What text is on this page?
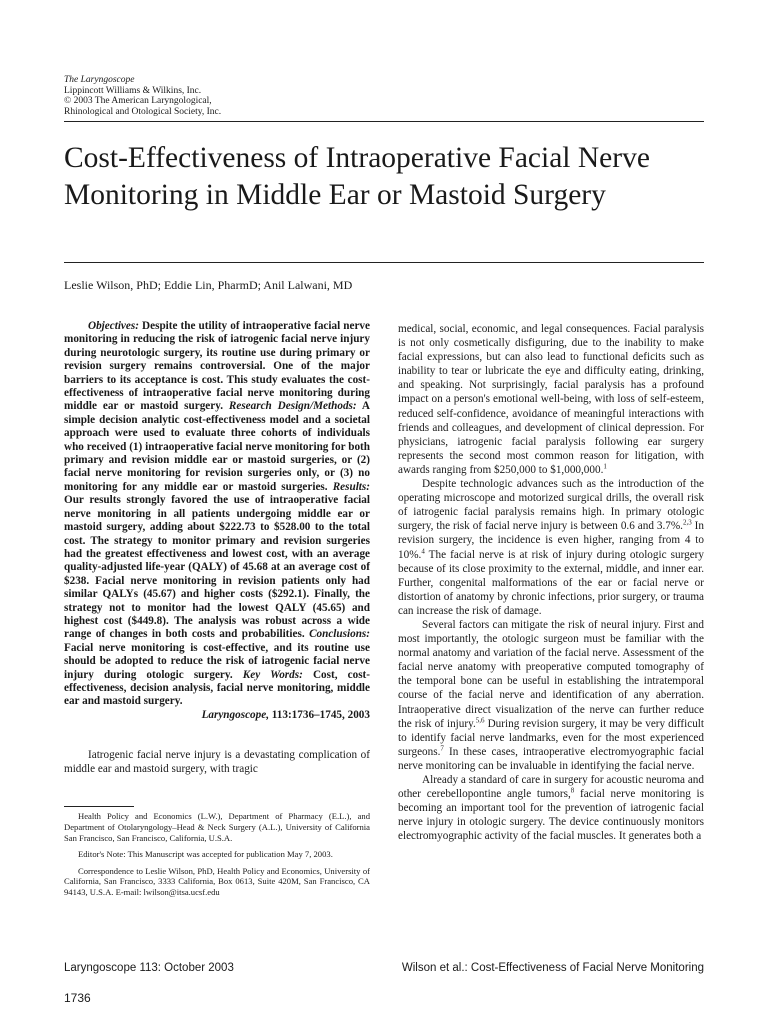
The Laryngoscope
Lippincott Williams & Wilkins, Inc.
© 2003 The American Laryngological,
Rhinological and Otological Society, Inc.
Cost-Effectiveness of Intraoperative Facial Nerve Monitoring in Middle Ear or Mastoid Surgery
Leslie Wilson, PhD; Eddie Lin, PharmD; Anil Lalwani, MD

Objectives: Despite the utility of intraoperative facial nerve monitoring in reducing the risk of iatrogenic facial nerve injury during neurotologic surgery, its routine use during primary or revision surgery remains controversial. One of the major barriers to its acceptance is cost. This study evaluates the cost-effectiveness of intraoperative facial nerve monitoring during middle ear or mastoid surgery. Research Design/Methods: A simple decision analytic cost-effectiveness model and a societal approach were used to evaluate three cohorts of individuals who received (1) intraoperative facial nerve monitoring for both primary and revision middle ear or mastoid surgeries, or (2) facial nerve monitoring for revision surgeries only, or (3) no monitoring for any middle ear or mastoid surgeries. Results: Our results strongly favored the use of intraoperative facial nerve monitoring in all patients undergoing middle ear or mastoid surgery, adding about $222.73 to $528.00 to the total cost. The strategy to monitor primary and revision surgeries had the greatest effectiveness and lowest cost, with an average quality-adjusted life-year (QALY) of 45.68 at an average cost of $238. Facial nerve monitoring in revision patients only had similar QALYs (45.67) and higher costs ($292.1). Finally, the strategy not to monitor had the lowest QALY (45.65) and highest cost ($449.8). The analysis was robust across a wide range of changes in both costs and probabilities. Conclusions: Facial nerve monitoring is cost-effective, and its routine use should be adopted to reduce the risk of iatrogenic facial nerve injury during otologic surgery. Key Words: Cost, cost-effectiveness, decision analysis, facial nerve monitoring, middle ear and mastoid surgery.

Laryngoscope, 113:1736–1745, 2003

Iatrogenic facial nerve injury is a devastating complication of middle ear and mastoid surgery, with tragic

Health Policy and Economics (L.W.), Department of Pharmacy (E.L.), and Department of Otolaryngology–Head & Neck Surgery (A.L.), University of California San Francisco, San Francisco, California, U.S.A.

Editor's Note: This Manuscript was accepted for publication May 7, 2003.

Correspondence to Leslie Wilson, PhD, Health Policy and Economics, University of California, San Francisco, 3333 California, Box 0613, Suite 420M, San Francisco, CA 94143, U.S.A. E-mail: lwilson@itsa.ucsf.edu

medical, social, economic, and legal consequences. Facial paralysis is not only cosmetically disfiguring, due to the inability to make facial expressions, but can also lead to functional deficits such as inability to tear or lubricate the eye and difficulty eating, drinking, and speaking. Not surprisingly, facial paralysis has a profound impact on a person's emotional well-being, with loss of self-esteem, reduced self-confidence, avoidance of meaningful interactions with friends and colleagues, and development of clinical depression. For physicians, iatrogenic facial paralysis following ear surgery represents the second most common reason for litigation, with awards ranging from $250,000 to $1,000,000.$^1$

Despite technologic advances such as the introduction of the operating microscope and motorized surgical drills, the overall risk of iatrogenic facial paralysis remains high. In primary otologic surgery, the risk of facial nerve injury is between 0.6 and 3.7%.$^{2,3}$ In revision surgery, the incidence is even higher, ranging from 4 to 10%.$^4$ The facial nerve is at risk of injury during otologic surgery because of its close proximity to the external, middle, and inner ear. Further, congenital malformations of the ear or facial nerve or distortion of anatomy by chronic infections, prior surgery, or trauma can increase the risk of damage.

Several factors can mitigate the risk of neural injury. First and most importantly, the otologic surgeon must be familiar with the normal anatomy and variation of the facial nerve. Assessment of the facial nerve anatomy with preoperative computed tomography of the temporal bone can be useful in establishing the intratemporal course of the facial nerve and identification of any aberration. Intraoperative direct visualization of the nerve can further reduce the risk of injury.$^{5,6}$ During revision surgery, it may be very difficult to identify facial nerve landmarks, even for the most experienced surgeons.$^7$ In these cases, intraoperative electromyographic facial nerve monitoring can be invaluable in identifying the facial nerve.

Already a standard of care in surgery for acoustic neuroma and other cerebellopontine angle tumors,$^8$ facial nerve monitoring is becoming an important tool for the prevention of iatrogenic facial nerve injury in otologic surgery. The device continuously monitors electromyographic activity of the facial muscles. It generates both a

Laryngoscope 113: October 2003
1736
Wilson et al.: Cost-Effectiveness of Facial Nerve Monitoring
